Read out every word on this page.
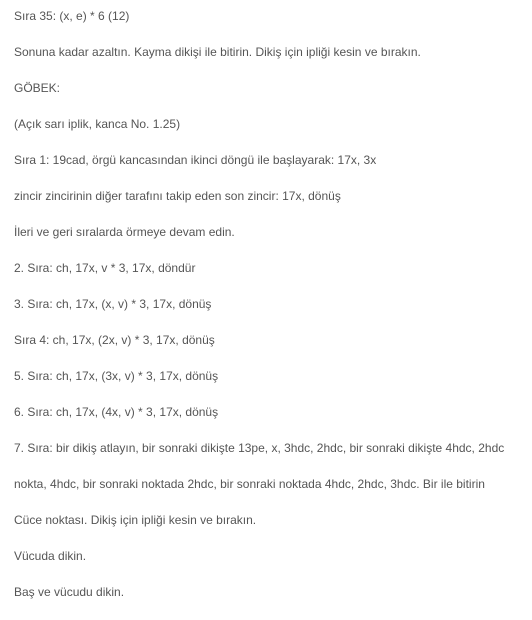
Sıra 35: (x, e) * 6 (12)
Sonuna kadar azaltın. Kayma dikişi ile bitirin. Dikiş için ipliği kesin ve bırakın.
GÖBEK:
(Açık sarı iplik, kanca No. 1.25)
Sıra 1: 19cad, örgü kancasından ikinci döngü ile başlayarak: 17x, 3x
zincir zincirinin diğer tarafını takip eden son zincir: 17x, dönüş
İleri ve geri sıralarda örmeye devam edin.
2. Sıra: ch, 17x, v * 3, 17x, döndür
3. Sıra: ch, 17x, (x, v) * 3, 17x, dönüş
Sıra 4: ch, 17x, (2x, v) * 3, 17x, dönüş
5. Sıra: ch, 17x, (3x, v) * 3, 17x, dönüş
6. Sıra: ch, 17x, (4x, v) * 3, 17x, dönüş
7. Sıra: bir dikiş atlayın, bir sonraki dikişte 13pe, x, 3hdc, 2hdc, bir sonraki dikişte 4hdc, 2hdc
nokta, 4hdc, bir sonraki noktada 2hdc, bir sonraki noktada 4hdc, 2hdc, 3hdc. Bir ile bitirin
Cüce noktası. Dikiş için ipliği kesin ve bırakın.
Vücuda dikin.
Baş ve vücudu dikin.
